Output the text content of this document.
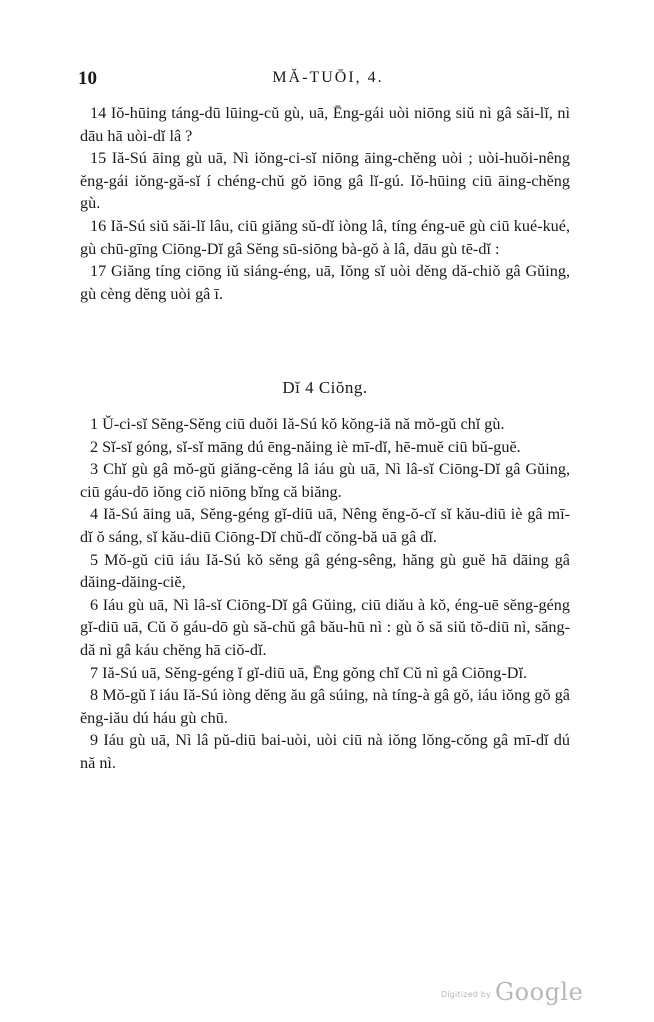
10	MĂ-TUŌI, 4.

14 Iŏ-hūing táng-dū lūing-cŭ gù, uā, Ēng-gái uòi niōng siŭ nì gâ săi-lĭ, nì dāu hā uòi-dĭ lâ ?

15 Iă-Sú āing gù uā, Nì iŏng-ci-sĭ niōng āing-chĕng uòi ; uòi-huŏi-nêng ĕng-gái iŏng-gă-sĭ í chéng-chŭ gŏ iōng gâ lĭ-gú. Iŏ-hūing ciū āing-chĕng gù.

16 Iă-Sú siŭ săi-lĭ lâu, ciū giăng sŭ-dĭ iòng lâ, tíng éng-uē gù ciū kué-kué, gù chū-gīng Ciōng-Dĭ gâ Sĕng sū-siōng bà-gŏ à lâ, dāu gù tē-dĭ :

17 Giăng tíng ciōng iŭ siáng-éng, uā, Iŏng sĭ uòi dĕng dă-chiŏ gâ Gŭing, gù cèng dĕng uòi gâ ī.

Dĭ 4 Ciŏng.

1 Ŭ-ci-sĭ Sĕng-Sĕng ciū duŏi Iă-Sú kŏ kŏng-iă nă mŏ-gŭ chĭ gù.

2 Sĭ-sĭ góng, sĭ-sĭ māng dú ēng-năing iè mī-dĭ, hē-muĕ ciū bŭ-guĕ.

3 Chĭ gù gâ mŏ-gŭ giăng-cĕng lâ iáu gù uā, Nì lâ-sĭ Ciōng-Dĭ gâ Gŭing, ciū gáu-dō iŏng ciŏ niōng bĭng că biăng.

4 Iă-Sú āing uā, Sĕng-géng gĭ-diū uā, Nêng ĕng-ŏ-cĭ sĭ kău-diū iè gâ mī-dĭ ŏ sáng, sĭ kău-diū Ciōng-Dĭ chŭ-dĭ cŏng-bă uā gâ dĭ.

5 Mŏ-gŭ ciū iáu Iă-Sú kŏ sĕng gâ géng-sêng, hăng gù guĕ hā dāing gâ dăing-dăing-ciĕ,

6 Iáu gù uā, Nì lâ-sĭ Ciōng-Dĭ gâ Gŭing, ciū diău à kŏ, éng-uē sĕng-géng gĭ-diū uā, Cŭ ŏ gáu-dō gù să-chŭ gâ bău-hū nì : gù ŏ să siŭ tŏ-diū nì, săng-dă nì gâ káu chĕng hā ciŏ-dĭ.

7 Iă-Sú uā, Sĕng-géng ĭ gĭ-diū uā, Ēng gŏng chĭ Cŭ nì gâ Ciōng-Dĭ.

8 Mŏ-gŭ ĭ iáu Iă-Sú iòng dĕng ău gâ súing, nà tíng-à gâ gŏ, iáu iŏng gŏ gâ ĕng-iău dú háu gù chū.

9 Iáu gù uā, Nì lâ pŭ-diū bai-uòi, uòi ciū nà iŏng lŏng-cŏng gâ mī-dĭ dú nă nì.

Digitized by Google
